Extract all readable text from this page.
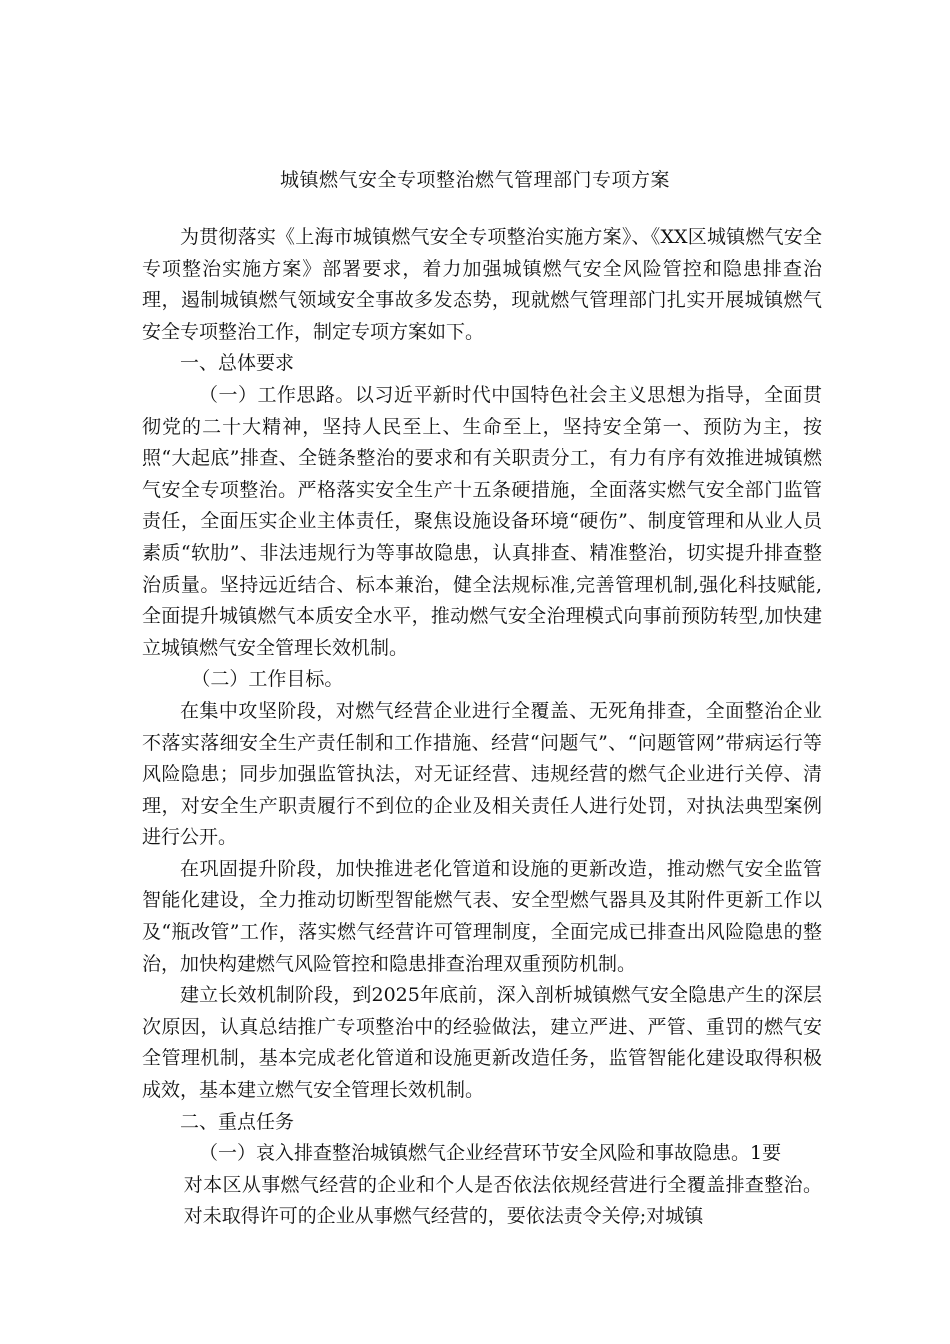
城镇燃气安全专项整治燃气管理部门专项方案

为贯彻落实《上海市城镇燃气安全专项整治实施方案》、《XX区城镇燃气安全专项整治实施方案》部署要求，着力加强城镇燃气安全风险管控和隐患排查治理，遏制城镇燃气领域安全事故多发态势，现就燃气管理部门扎实开展城镇燃气安全专项整治工作，制定专项方案如下。

一、总体要求

（一）工作思路。以习近平新时代中国特色社会主义思想为指导，全面贯彻党的二十大精神，坚持人民至上、生命至上，坚持安全第一、预防为主，按照“大起底”排查、全链条整治的要求和有关职责分工，有力有序有效推进城镇燃气安全专项整治。严格落实安全生产十五条硬措施，全面落实燃气安全部门监管责任，全面压实企业主体责任，聚焦设施设备环境“硬伤”、制度管理和从业人员素质“软肋”、非法违规行为等事故隐患，认真排查、精准整治，切实提升排查整治质量。坚持远近结合、标本兼治，健全法规标准,完善管理机制,强化科技赋能,全面提升城镇燃气本质安全水平，推动燃气安全治理模式向事前预防转型,加快建立城镇燃气安全管理长效机制。

（二）工作目标。

在集中攻坚阶段，对燃气经营企业进行全覆盖、无死角排查，全面整治企业不落实落细安全生产责任制和工作措施、经营“问题气”、“问题管网”带病运行等风险隐患；同步加强监管执法，对无证经营、违规经营的燃气企业进行关停、清理，对安全生产职责履行不到位的企业及相关责任人进行处罚，对执法典型案例进行公开。

在巩固提升阶段，加快推进老化管道和设施的更新改造，推动燃气安全监管智能化建设，全力推动切断型智能燃气表、安全型燃气器具及其附件更新工作以及“瓶改管”工作，落实燃气经营许可管理制度，全面完成已排查出风险隐患的整治，加快构建燃气风险管控和隐患排查治理双重预防机制。

建立长效机制阶段，到2025年底前，深入剖析城镇燃气安全隐患产生的深层次原因，认真总结推广专项整治中的经验做法，建立严进、严管、重罚的燃气安全管理机制，基本完成老化管道和设施更新改造任务，监管智能化建设取得积极成效，基本建立燃气安全管理长效机制。

二、重点任务

（一）哀入排查整治城镇燃气企业经营环节安全风险和事故隐患。1要

对本区从事燃气经营的企业和个人是否依法依规经营进行全覆盖排查整治。对未取得许可的企业从事燃气经营的，要依法责令关停;对城镇
